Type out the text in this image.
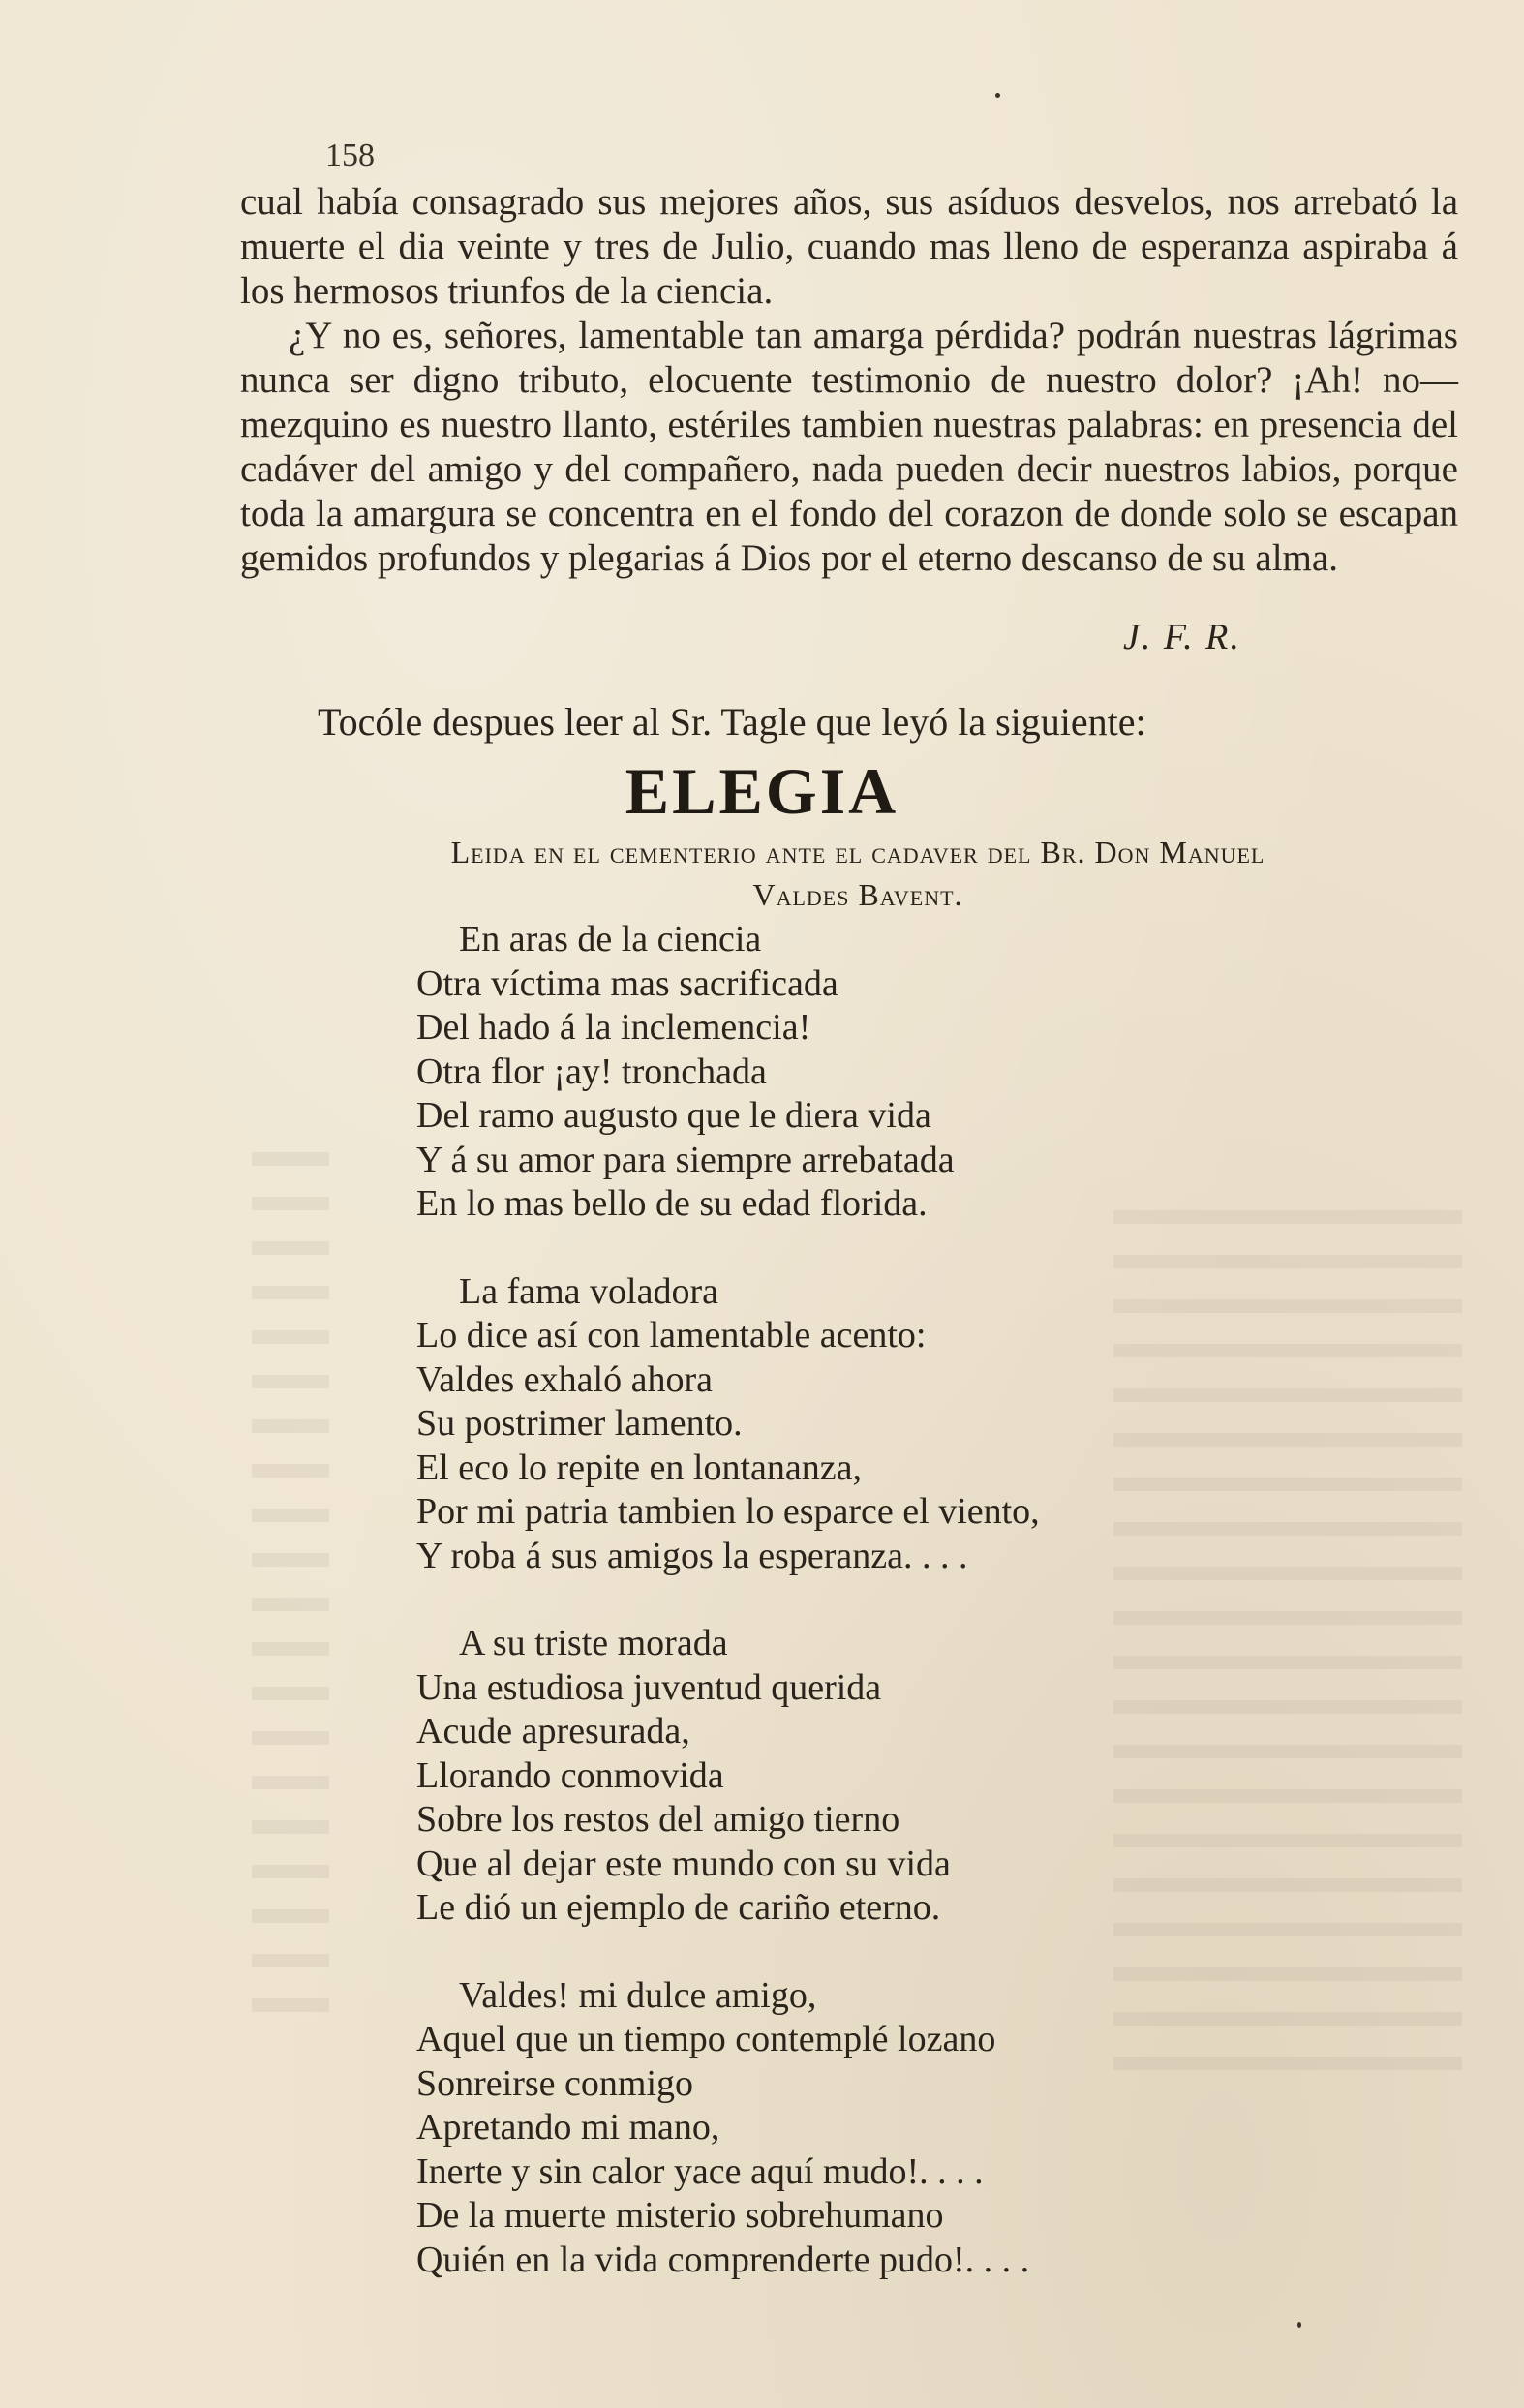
158

cual había consagrado sus mejores años, sus asíduos desvelos, nos arrebató la muerte el dia veinte y tres de Julio, cuando mas lleno de esperanza aspiraba á los hermosos triunfos de la ciencia.

¿Y no es, señores, lamentable tan amarga pérdida? podrán nuestras lágrimas nunca ser digno tributo, elocuente testimonio de nuestro dolor? ¡Ah! no—mezquino es nuestro llanto, estériles tambien nuestras palabras: en presencia del cadáver del amigo y del compañero, nada pueden decir nuestros labios, porque toda la amargura se concentra en el fondo del corazon de donde solo se escapan gemidos profundos y plegarias á Dios por el eterno descanso de su alma.

J. F. R.
Tocóle despues leer al Sr. Tagle que leyó la siguiente:
ELEGIA
Leida en el cementerio ante el cadaver del Br. Don Manuel
Valdes Bavent.
En aras de la ciencia
Otra víctima mas sacrificada
Del hado á la inclemencia!
Otra flor ¡ay! tronchada
Del ramo augusto que le diera vida
Y á su amor para siempre arrebatada
En lo mas bello de su edad florida.
La fama voladora
Lo dice así con lamentable acento:
Valdes exhaló ahora
Su postrimer lamento.
El eco lo repite en lontananza,
Por mi patria tambien lo esparce el viento,
Y roba á sus amigos la esperanza. . . .
A su triste morada
Una estudiosa juventud querida
Acude apresurada,
Llorando conmovida
Sobre los restos del amigo tierno
Que al dejar este mundo con su vida
Le dió un ejemplo de cariño eterno.
Valdes! mi dulce amigo,
Aquel que un tiempo contemplé lozano
Sonreirse conmigo
Apretando mi mano,
Inerte y sin calor yace aquí mudo!. . . .
De la muerte misterio sobrehumano
Quién en la vida comprenderte pudo!. . . .
